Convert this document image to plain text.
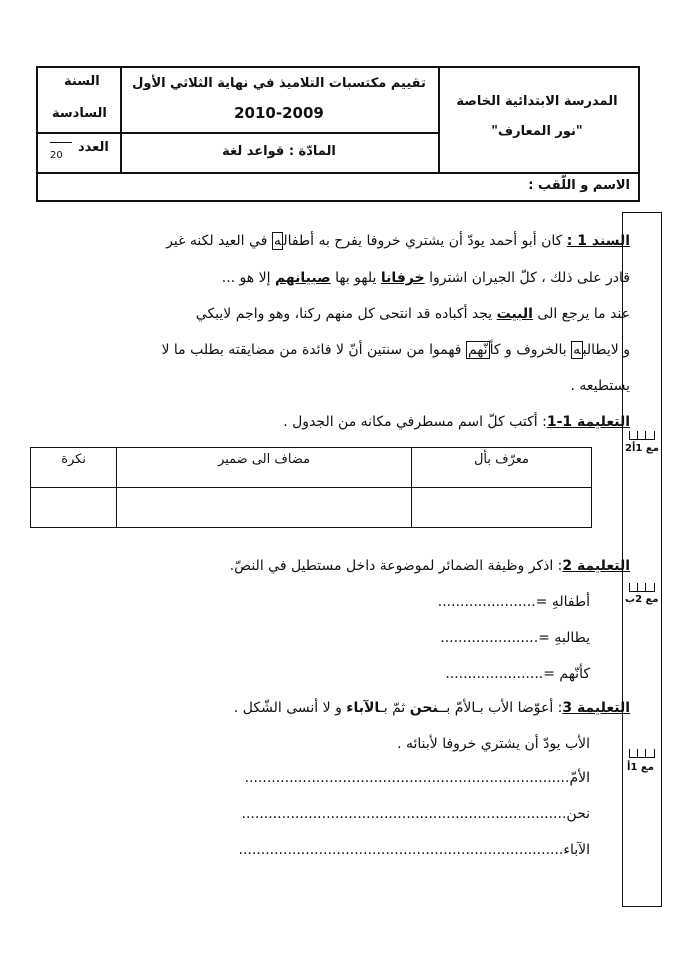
السنة
السادسة
العدد
20
تقييم مكتسبات التلاميذ في نهاية الثلاثي الأول
2010-2009
المادّة : قواعد لغة
المدرسة الابتدائية الخاصة
"نور المعارف"
الاسم و اللّقب :
مع 1أ2
مع 2ب
مع 1أ
السند 1 : كان أبو أحمد يودّ أن يشتري خروفا يفرح به أطفاله في العيد لكنه غير
قادر على ذلك ، كلّ الجيران اشتروا خرفانا يلهو بها صبيانهم إلا هو ...
عند ما يرجع الى البيت يجد أكباده قد انتحى كل منهم ركنا، وهو واجم لايبكي
و لايطالبه بالخروف و كأنّهم فهموا من سنتين أنّ لا فائدة من مضايقته بطلب ما لا
يستطيعه .
التعليمة 1-1: أكتب كلّ اسم مسطرفي مكانه من الجدول .
معرّف بأل	مضاف الى ضمير	نكرة

التعليمة 2: اذكر وظيفة الضمائر لموضوعة داخل مستطيل في النصّ.
أطفالهِ =......................
يطالبهِ =......................
كأنّهم =......................
التعليمة 3: أعوّضا الأب بـالأمّ بــنحن ثمّ بـالآباء و لا أنسى الشّكل .
الأب يودّ أن يشتري خروفا لأبنائه .
الأمّ.........................................................................
نحن.........................................................................
الآباء.........................................................................
